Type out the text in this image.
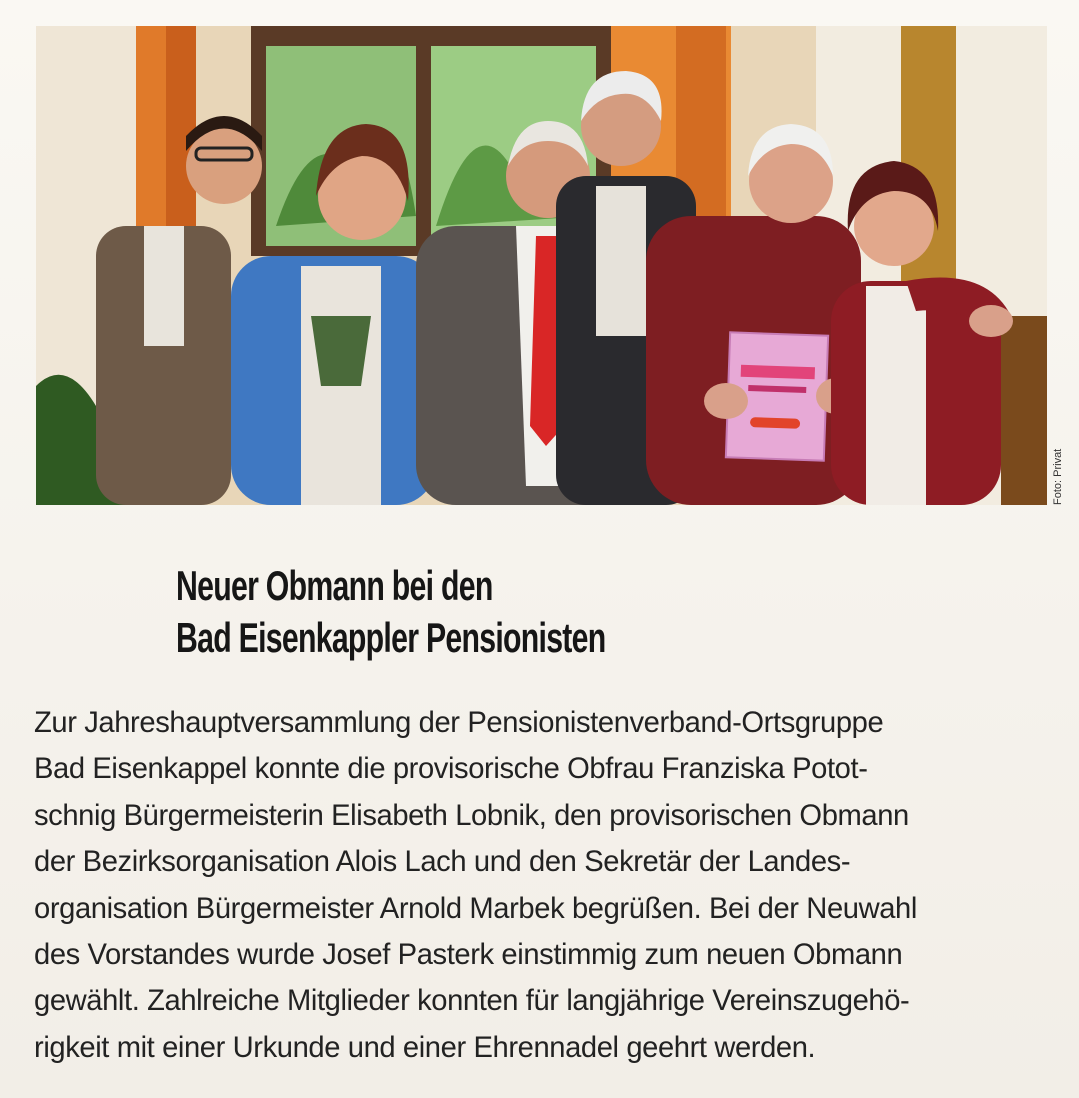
Foto: Privat
Neuer Obmann bei den
Bad Eisenkappler Pensionisten
Zur Jahreshauptversammlung der Pensionistenverband-Ortsgruppe
Bad Eisenkappel konnte die provisorische Obfrau Franziska Potot-
schnig Bürgermeisterin Elisabeth Lobnik, den provisorischen Obmann
der Bezirksorganisation Alois Lach und den Sekretär der Landes-
organisation Bürgermeister Arnold Marbek begrüßen. Bei der Neuwahl
des Vorstandes wurde Josef Pasterk einstimmig zum neuen Obmann
gewählt. Zahlreiche Mitglieder konnten für langjährige Vereinszugehö-
rigkeit mit einer Urkunde und einer Ehrennadel geehrt werden.
